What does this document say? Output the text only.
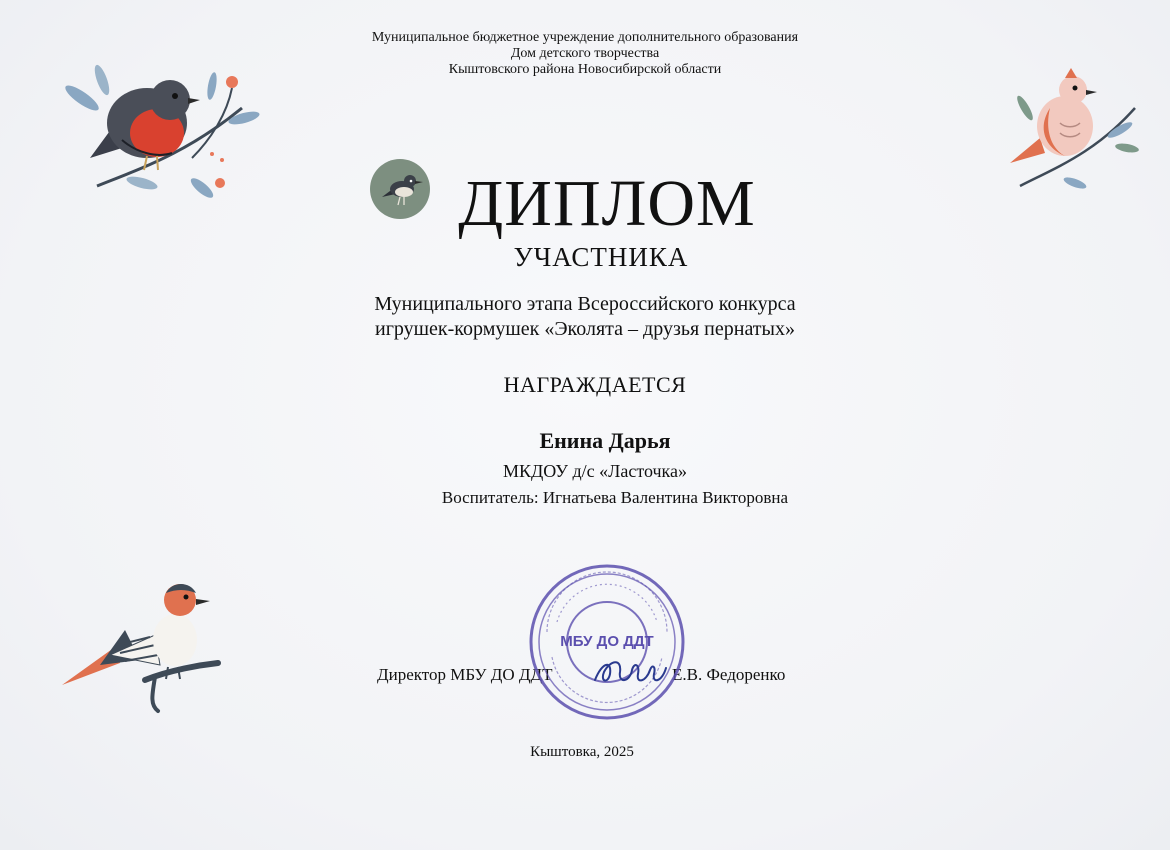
Муниципальное бюджетное учреждение дополнительного образования
Дом детского творчества
Кыштовского района Новосибирской области
ДИПЛОМ
УЧАСТНИКА
Муниципального этапа Всероссийского конкурса
игрушек-кормушек «Эколята – друзья пернатых»
НАГРАЖДАЕТСЯ
Енина Дарья
МКДОУ д/с «Ласточка»
Воспитатель: Игнатьева Валентина Викторовна
Директор МБУ ДО ДДТ	Е.В. Федоренко
МБУ ДО ДДТ
Кыштовка, 2025
